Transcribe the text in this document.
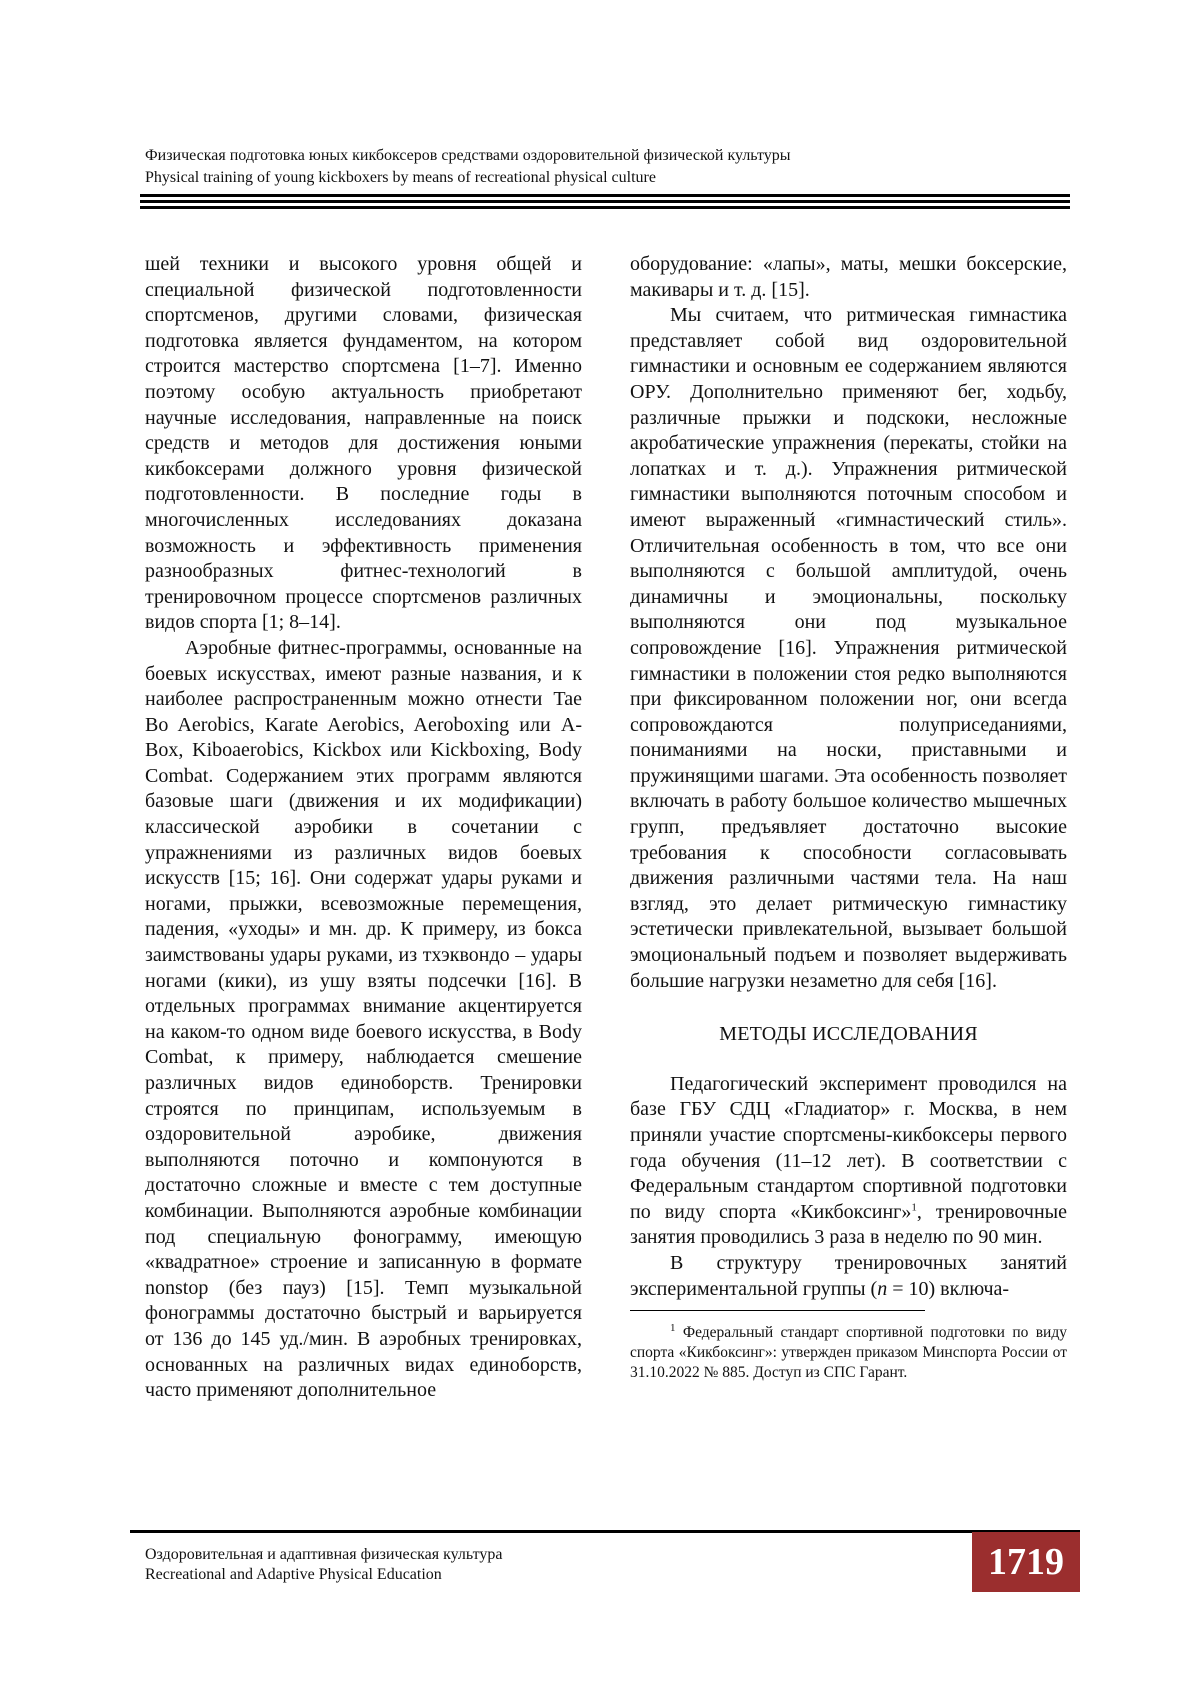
Физическая подготовка юных кикбоксеров средствами оздоровительной физической культуры
Physical training of young kickboxers by means of recreational physical culture

шей техники и высокого уровня общей и специальной физической подготовленности спортсменов, другими словами, физическая подготовка является фундаментом, на котором строится мастерство спортсмена [1–7]. Именно поэтому особую актуальность приобретают научные исследования, направленные на поиск средств и методов для достижения юными кикбоксерами должного уровня физической подготовленности. В последние годы в многочисленных исследованиях доказана возможность и эффективность применения разнообразных фитнес-технологий в тренировочном процессе спортсменов различных видов спорта [1; 8–14].

Аэробные фитнес-программы, основанные на боевых искусствах, имеют разные названия, и к наиболее распространенным можно отнести Tae Bo Aerobics, Karate Aerobics, Aeroboxing или A-Box, Kiboaerobics, Kickbox или Kickboxing, Body Combat. Содержанием этих программ являются базовые шаги (движения и их модификации) классической аэробики в сочетании с упражнениями из различных видов боевых искусств [15; 16]. Они содержат удары руками и ногами, прыжки, всевозможные перемещения, падения, «уходы» и мн. др. К примеру, из бокса заимствованы удары руками, из тхэквондо – удары ногами (кики), из ушу взяты подсечки [16]. В отдельных программах внимание акцентируется на каком-то одном виде боевого искусства, в Body Combat, к примеру, наблюдается смешение различных видов единоборств. Тренировки строятся по принципам, используемым в оздоровительной аэробике, движения выполняются поточно и компонуются в достаточно сложные и вместе с тем доступные комбинации. Выполняются аэробные комбинации под специальную фонограмму, имеющую «квадратное» строение и записанную в формате nonstop (без пауз) [15]. Темп музыкальной фонограммы достаточно быстрый и варьируется от 136 до 145 уд./мин. В аэробных тренировках, основанных на различных видах единоборств, часто применяют дополнительное

оборудование: «лапы», маты, мешки боксерские, макивары и т. д. [15].

Мы считаем, что ритмическая гимнастика представляет собой вид оздоровительной гимнастики и основным ее содержанием являются ОРУ. Дополнительно применяют бег, ходьбу, различные прыжки и подскоки, несложные акробатические упражнения (перекаты, стойки на лопатках и т. д.). Упражнения ритмической гимнастики выполняются поточным способом и имеют выраженный «гимнастический стиль». Отличительная особенность в том, что все они выполняются с большой амплитудой, очень динамичны и эмоциональны, поскольку выполняются они под музыкальное сопровождение [16]. Упражнения ритмической гимнастики в положении стоя редко выполняются при фиксированном положении ног, они всегда сопровождаются полуприседаниями, пониманиями на носки, приставными и пружинящими шагами. Эта особенность позволяет включать в работу большое количество мышечных групп, предъявляет достаточно высокие требования к способности согласовывать движения различными частями тела. На наш взгляд, это делает ритмическую гимнастику эстетически привлекательной, вызывает большой эмоциональный подъем и позволяет выдерживать большие нагрузки незаметно для себя [16].

МЕТОДЫ ИССЛЕДОВАНИЯ

Педагогический эксперимент проводился на базе ГБУ СДЦ «Гладиатор» г. Москва, в нем приняли участие спортсмены-кикбоксеры первого года обучения (11–12 лет). В соответствии с Федеральным стандартом спортивной подготовки по виду спорта «Кикбоксинг»$^1$, тренировочные занятия проводились 3 раза в неделю по 90 мин.

В структуру тренировочных занятий экспериментальной группы (n = 10) включа-

$^1$ Федеральный стандарт спортивной подготовки по виду спорта «Кикбоксинг»: утвержден приказом Минспорта России от 31.10.2022 № 885. Доступ из СПС Гарант.
Оздоровительная и адаптивная физическая культура
Recreational and Adaptive Physical Education	1719
